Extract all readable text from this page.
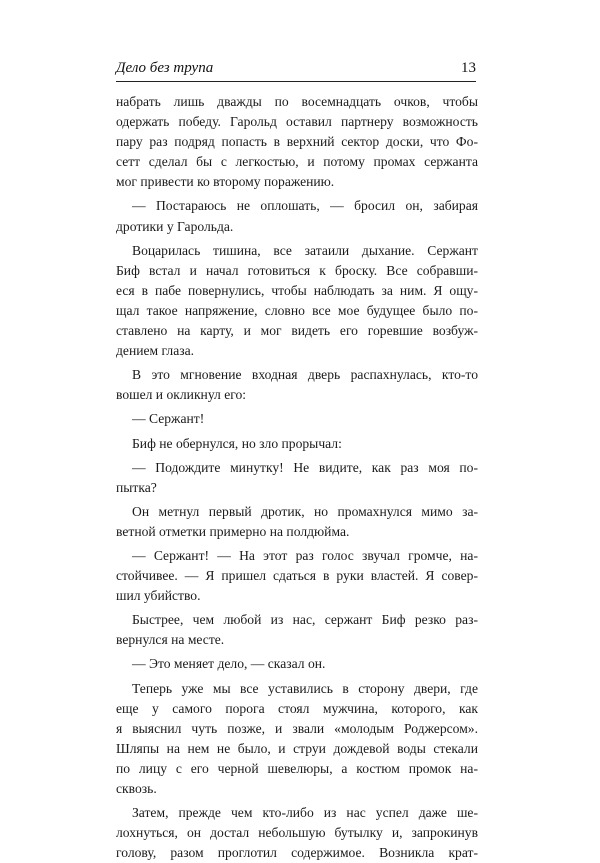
Дело без трупа	13
набрать лишь дважды по восемнадцать очков, чтобы
одержать победу. Гарольд оставил партнеру возможность
пару раз подряд попасть в верхний сектор доски, что Фо-
сетт сделал бы с легкостью, и потому промах сержанта
мог привести ко второму поражению.
— Постараюсь не оплошать, — бросил он, забирая
дротики у Гарольда.
Воцарилась тишина, все затаили дыхание. Сержант
Биф встал и начал готовиться к броску. Все собравши-
еся в пабе повернулись, чтобы наблюдать за ним. Я ощу-
щал такое напряжение, словно все мое будущее было по-
ставлено на карту, и мог видеть его горевшие возбуж-
дением глаза.
В это мгновение входная дверь распахнулась, кто-то
вошел и окликнул его:
— Сержант!
Биф не обернулся, но зло прорычал:
— Подождите минутку! Не видите, как раз моя по-
пытка?
Он метнул первый дротик, но промахнулся мимо за-
ветной отметки примерно на полдюйма.
— Сержант! — На этот раз голос звучал громче, на-
стойчивее. — Я пришел сдаться в руки властей. Я совер-
шил убийство.
Быстрее, чем любой из нас, сержант Биф резко раз-
вернулся на месте.
— Это меняет дело, — сказал он.
Теперь уже мы все уставились в сторону двери, где
еще у самого порога стоял мужчина, которого, как
я выяснил чуть позже, и звали «молодым Роджерсом».
Шляпы на нем не было, и струи дождевой воды стекали
по лицу с его черной шевелюры, а костюм промок на-
сквозь.
Затем, прежде чем кто-либо из нас успел даже ше-
лохнуться, он достал небольшую бутылку и, запрокинув
голову, разом проглотил содержимое. Возникла крат-
